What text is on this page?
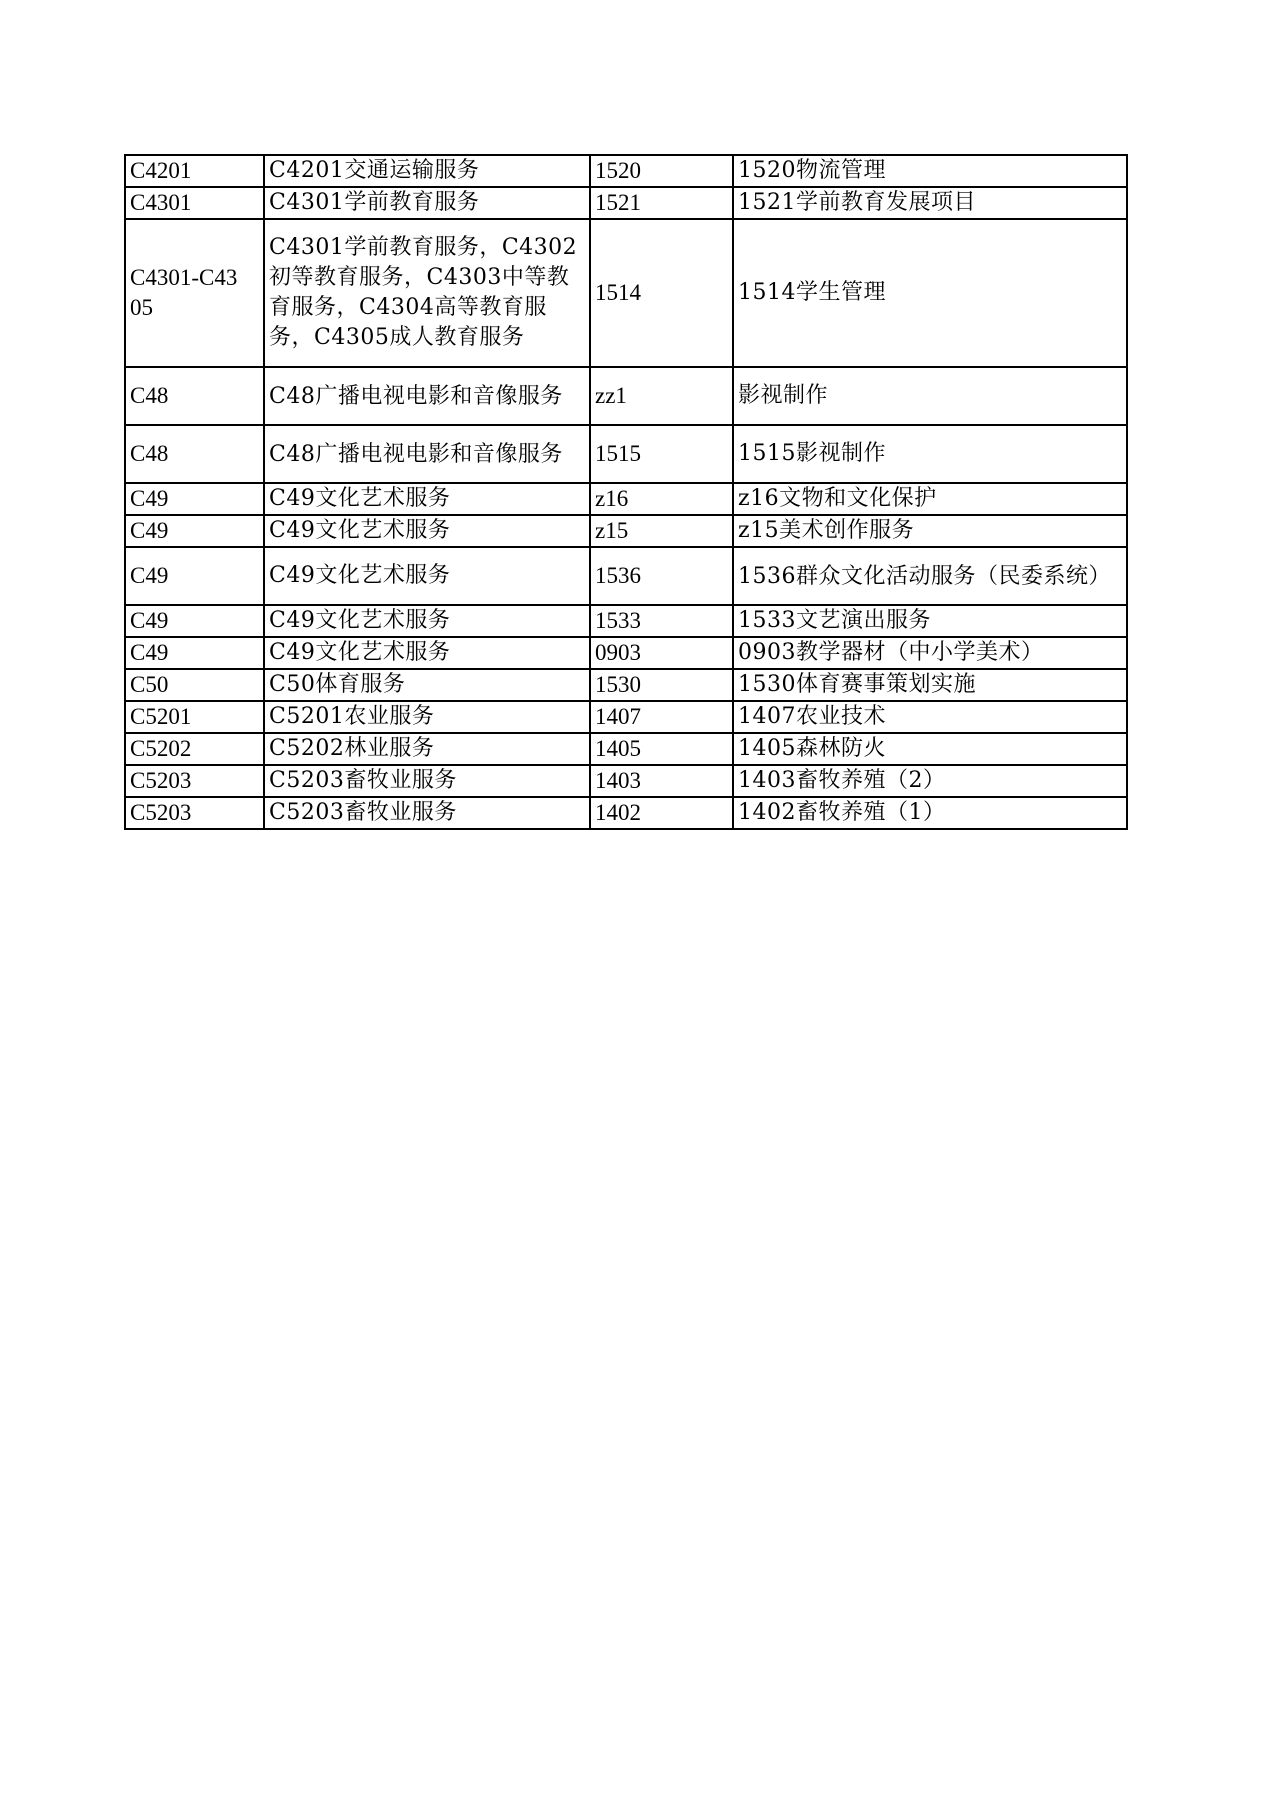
C4201	C4201交通运输服务	1520	1520物流管理
C4301	C4301学前教育服务	1521	1521学前教育发展项目
C4301-C4305	C4301学前教育服务，C4302初等教育服务，C4303中等教育服务，C4304高等教育服务，C4305成人教育服务	1514	1514学生管理
C48	C48广播电视电影和音像服务	zz1	影视制作
C48	C48广播电视电影和音像服务	1515	1515影视制作
C49	C49文化艺术服务	z16	z16文物和文化保护
C49	C49文化艺术服务	z15	z15美术创作服务
C49	C49文化艺术服务	1536	1536群众文化活动服务（民委系统）
C49	C49文化艺术服务	1533	1533文艺演出服务
C49	C49文化艺术服务	0903	0903教学器材（中小学美术）
C50	C50体育服务	1530	1530体育赛事策划实施
C5201	C5201农业服务	1407	1407农业技术
C5202	C5202林业服务	1405	1405森林防火
C5203	C5203畜牧业服务	1403	1403畜牧养殖（2）
C5203	C5203畜牧业服务	1402	1402畜牧养殖（1）
